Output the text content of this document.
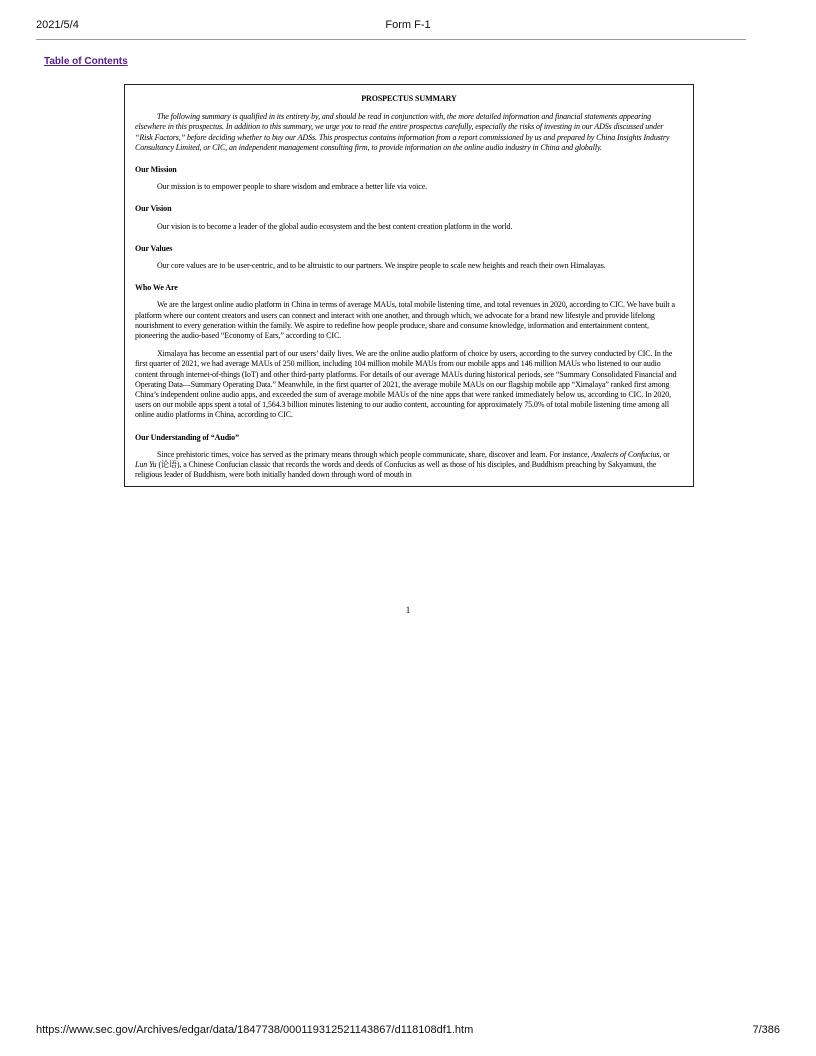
2021/5/4	Form F-1
Table of Contents
PROSPECTUS SUMMARY

The following summary is qualified in its entirety by, and should be read in conjunction with, the more detailed information and financial statements appearing elsewhere in this prospectus. In addition to this summary, we urge you to read the entire prospectus carefully, especially the risks of investing in our ADSs discussed under “Risk Factors,” before deciding whether to buy our ADSs. This prospectus contains information from a report commissioned by us and prepared by China Insights Industry Consultancy Limited, or CIC, an independent management consulting firm, to provide information on the online audio industry in China and globally.

Our Mission

Our mission is to empower people to share wisdom and embrace a better life via voice.

Our Vision

Our vision is to become a leader of the global audio ecosystem and the best content creation platform in the world.

Our Values

Our core values are to be user-centric, and to be altruistic to our partners. We inspire people to scale new heights and reach their own Himalayas.

Who We Are

We are the largest online audio platform in China in terms of average MAUs, total mobile listening time, and total revenues in 2020, according to CIC. We have built a platform where our content creators and users can connect and interact with one another, and through which, we advocate for a brand new lifestyle and provide lifelong nourishment to every generation within the family. We aspire to redefine how people produce, share and consume knowledge, information and entertainment content, pioneering the audio-based “Economy of Ears,” according to CIC.

Ximalaya has become an essential part of our users’ daily lives. We are the online audio platform of choice by users, according to the survey conducted by CIC. In the first quarter of 2021, we had average MAUs of 250 million, including 104 million mobile MAUs from our mobile apps and 146 million MAUs who listened to our audio content through internet-of-things (IoT) and other third-party platforms. For details of our average MAUs during historical periods, see “Summary Consolidated Financial and Operating Data—Summary Operating Data.” Meanwhile, in the first quarter of 2021, the average mobile MAUs on our flagship mobile app “Ximalaya” ranked first among China’s independent online audio apps, and exceeded the sum of average mobile MAUs of the nine apps that were ranked immediately below us, according to CIC. In 2020, users on our mobile apps spent a total of 1,564.3 billion minutes listening to our audio content, accounting for approximately 75.0% of total mobile listening time among all online audio platforms in China, according to CIC.

Our Understanding of “Audio”

Since prehistoric times, voice has served as the primary means through which people communicate, share, discover and learn. For instance, Analects of Confucius, or Lun Yu (论语), a Chinese Confucian classic that records the words and deeds of Confucius as well as those of his disciples, and Buddhism preaching by Sakyamuni, the religious leader of Buddhism, were both initially handed down through word of mouth in

1
https://www.sec.gov/Archives/edgar/data/1847738/000119312521143867/d118108df1.htm	7/386
